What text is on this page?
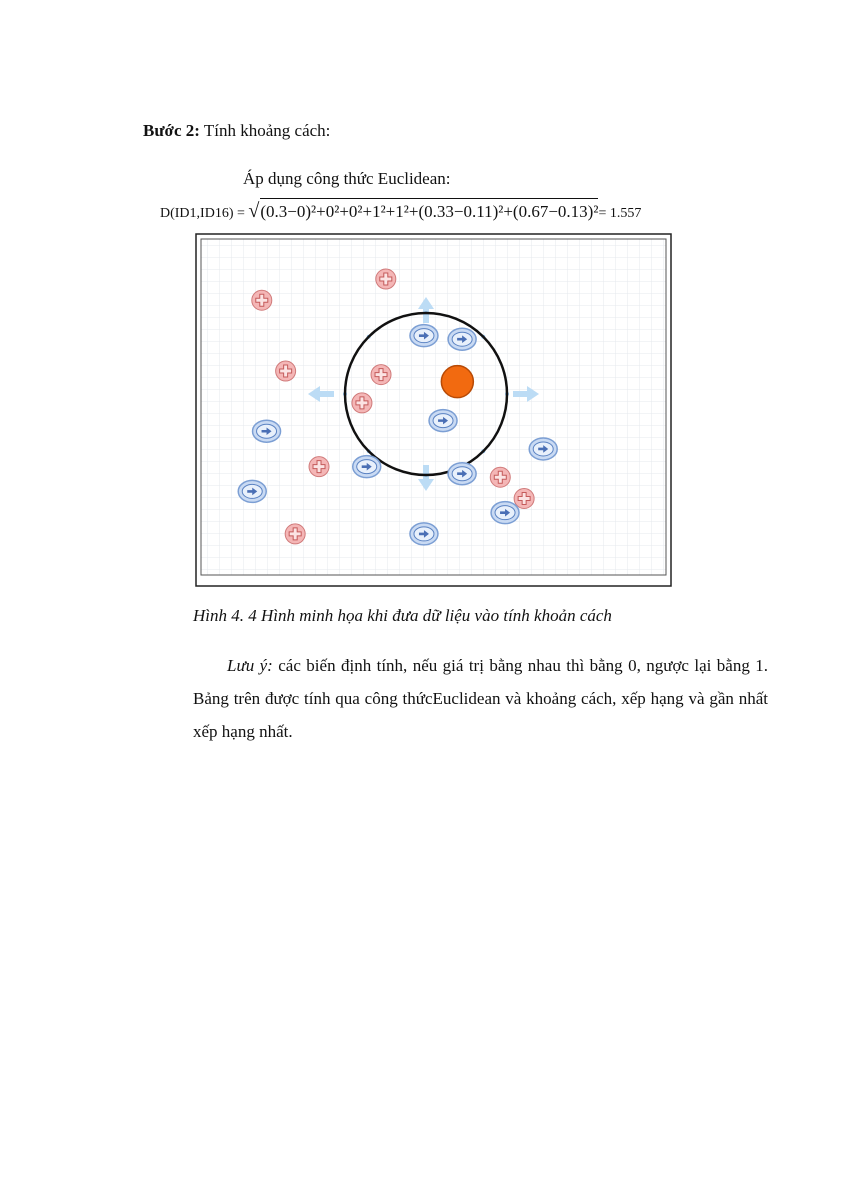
Bước 2: Tính khoảng cách:
Áp dụng công thức Euclidean:
D(ID1,ID16) = √ (0.3−0)²+0²+0²+1²+1²+(0.33−0.11)²+(0.67−0.13)²= 1.557
Hình 4. 4 Hình minh họa khi đưa dữ liệu vào tính khoản cách
Lưu ý: các biến định tính, nếu giá trị bằng nhau thì bằng 0, ngược lại bằng 1. Bảng trên được tính qua công thứcEuclidean và khoảng cách, xếp hạng và gần nhất xếp hạng nhất.
